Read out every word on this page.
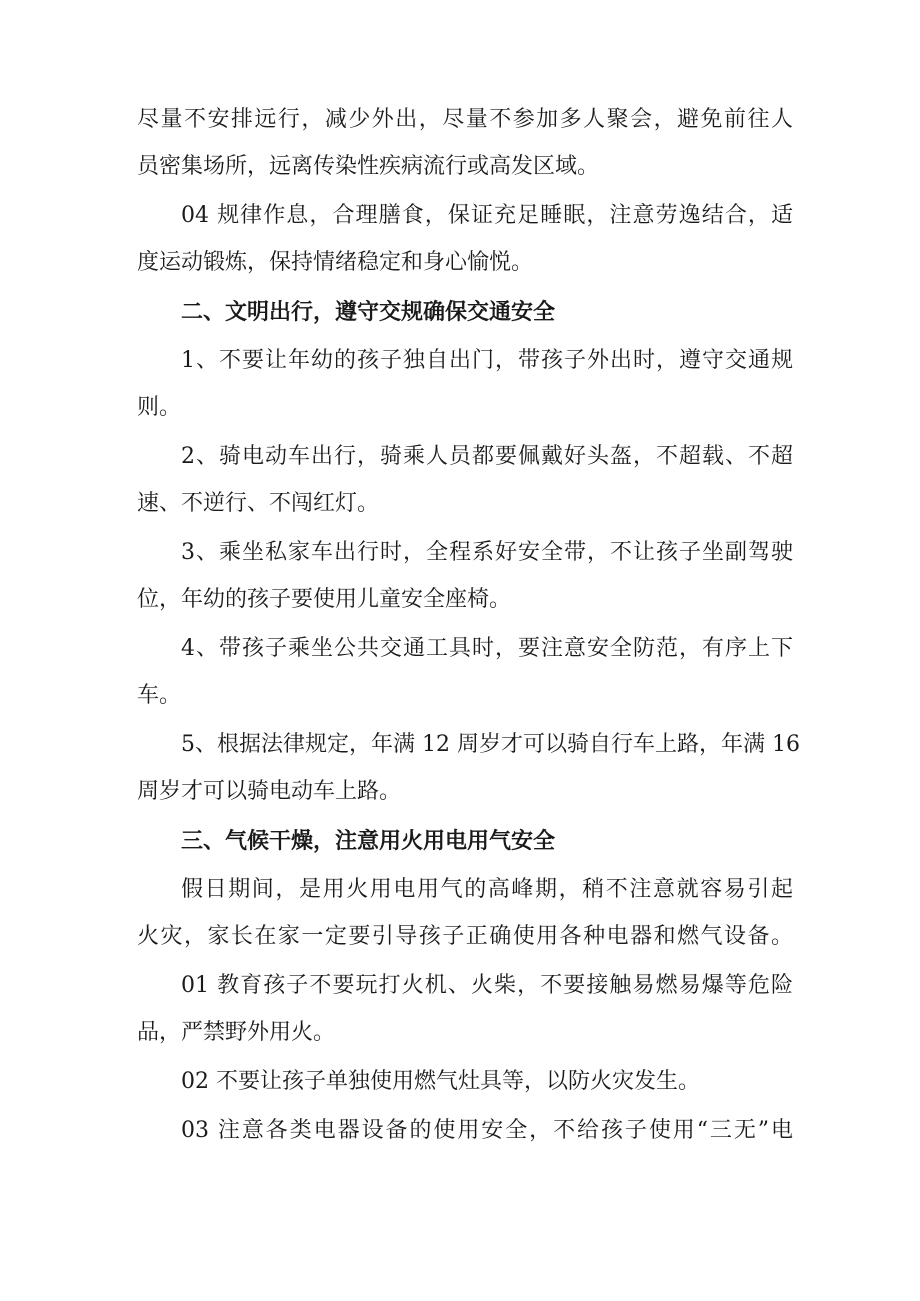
尽量不安排远行，减少外出，尽量不参加多人聚会，避免前往人

员密集场所，远离传染性疾病流行或高发区域。

04 规律作息，合理膳食，保证充足睡眠，注意劳逸结合，适

度运动锻炼，保持情绪稳定和身心愉悦。

二、文明出行，遵守交规确保交通安全

1、不要让年幼的孩子独自出门，带孩子外出时，遵守交通规

则。

2、骑电动车出行，骑乘人员都要佩戴好头盔，不超载、不超

速、不逆行、不闯红灯。

3、乘坐私家车出行时，全程系好安全带，不让孩子坐副驾驶

位，年幼的孩子要使用儿童安全座椅。

4、带孩子乘坐公共交通工具时，要注意安全防范，有序上下

车。

5、根据法律规定，年满 12 周岁才可以骑自行车上路，年满 16

周岁才可以骑电动车上路。

三、气候干燥，注意用火用电用气安全

假日期间，是用火用电用气的高峰期，稍不注意就容易引起

火灾，家长在家一定要引导孩子正确使用各种电器和燃气设备。

01 教育孩子不要玩打火机、火柴，不要接触易燃易爆等危险

品，严禁野外用火。

02 不要让孩子单独使用燃气灶具等，以防火灾发生。

03 注意各类电器设备的使用安全，不给孩子使用“三无”电
